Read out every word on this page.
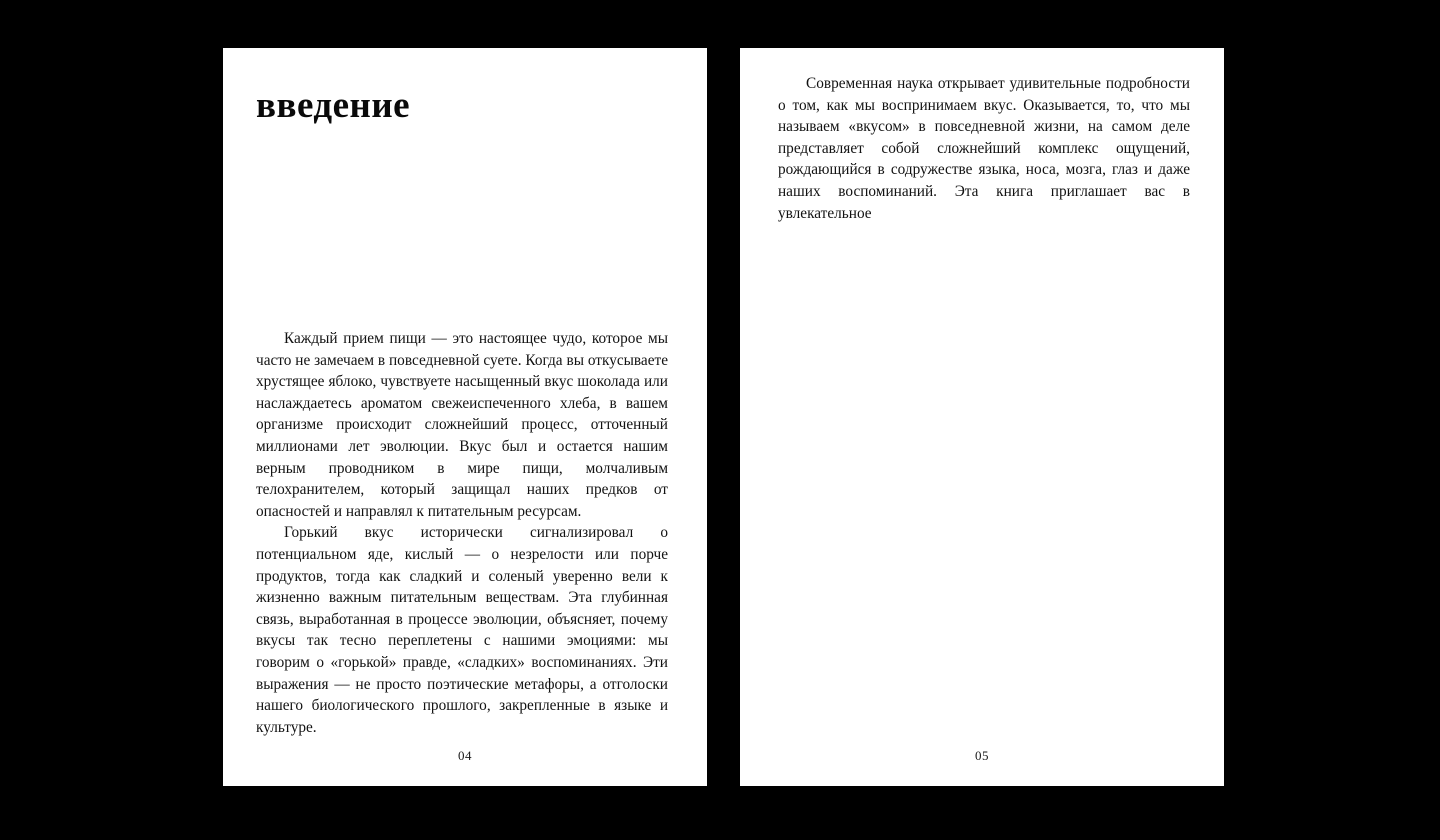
введение

Каждый прием пищи — это настоящее чудо, которое мы часто не замечаем в повседневной суете. Когда вы откусываете хрустящее яблоко, чувствуете насыщенный вкус шоколада или наслаждаетесь ароматом свежеиспеченного хлеба, в вашем организме происходит сложнейший процесс, отточенный миллионами лет эволюции. Вкус был и остается нашим верным проводником в мире пищи, молчаливым телохранителем, который защищал наших предков от опасностей и направлял к питательным ресурсам.

Горький вкус исторически сигнализировал о потенциальном яде, кислый — о незрелости или порче продуктов, тогда как сладкий и соленый уверенно вели к жизненно важным питательным веществам. Эта глубинная связь, выработанная в процессе эволюции, объясняет, почему вкусы так тесно переплетены с нашими эмоциями: мы говорим о «горькой» правде, «сладких» воспоминаниях. Эти выражения — не просто поэтические метафоры, а отголоски нашего биологического прошлого, закрепленные в языке и культуре.

04

Современная наука открывает удивительные подробности о том, как мы воспринимаем вкус. Оказывается, то, что мы называем «вкусом» в повседневной жизни, на самом деле представляет собой сложнейший комплекс ощущений, рождающийся в содружестве языка, носа, мозга, глаз и даже наших воспоминаний. Эта книга приглашает вас в увлекательное

05
